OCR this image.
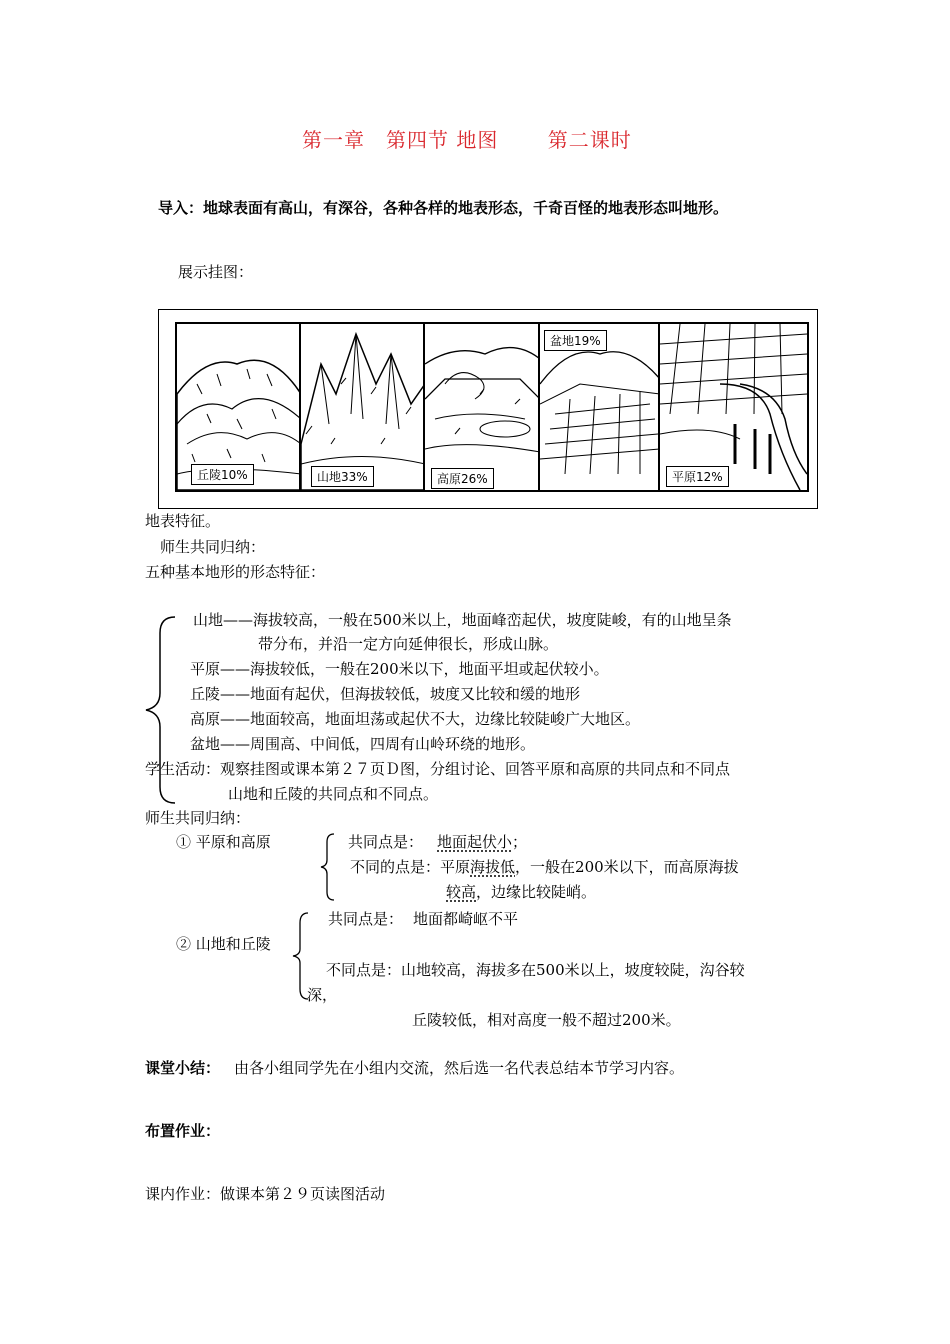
第一章　第四节 地图　　 第二课时
导入：地球表面有高山，有深谷，各种各样的地表形态，千奇百怪的地表形态叫地形。
展示挂图：
丘陵10%	山地33%	高原26%
盆地19%
平原12%
地表特征。
师生共同归纳：
五种基本地形的形态特征：
山地——海拔较高，一般在500米以上，地面峰峦起伏，坡度陡峻，有的山地呈条
带分布，并沿一定方向延伸很长，形成山脉。
平原——海拔较低，一般在200米以下，地面平坦或起伏较小。
丘陵——地面有起伏，但海拔较低，坡度又比较和缓的地形
高原——地面较高，地面坦荡或起伏不大，边缘比较陡峻广大地区。
盆地——周围高、中间低，四周有山岭环绕的地形。
学生活动：观察挂图或课本第２７页Ｄ图，分组讨论、回答平原和高原的共同点和不同点
山地和丘陵的共同点和不同点。
师生共同归纳：
① 平原和高原	共同点是： 地面起伏小；
不同的点是：平原海拔低，一般在200米以下，而高原海拔
较高，边缘比较陡峭。
共同点是： 地面都崎岖不平
② 山地和丘陵
不同点是：山地较高，海拔多在500米以上，坡度较陡，沟谷较
深，
丘陵较低，相对高度一般不超过200米。
课堂小结： 由各小组同学先在小组内交流，然后选一名代表总结本节学习内容。
布置作业：
课内作业：做课本第２９页读图活动
